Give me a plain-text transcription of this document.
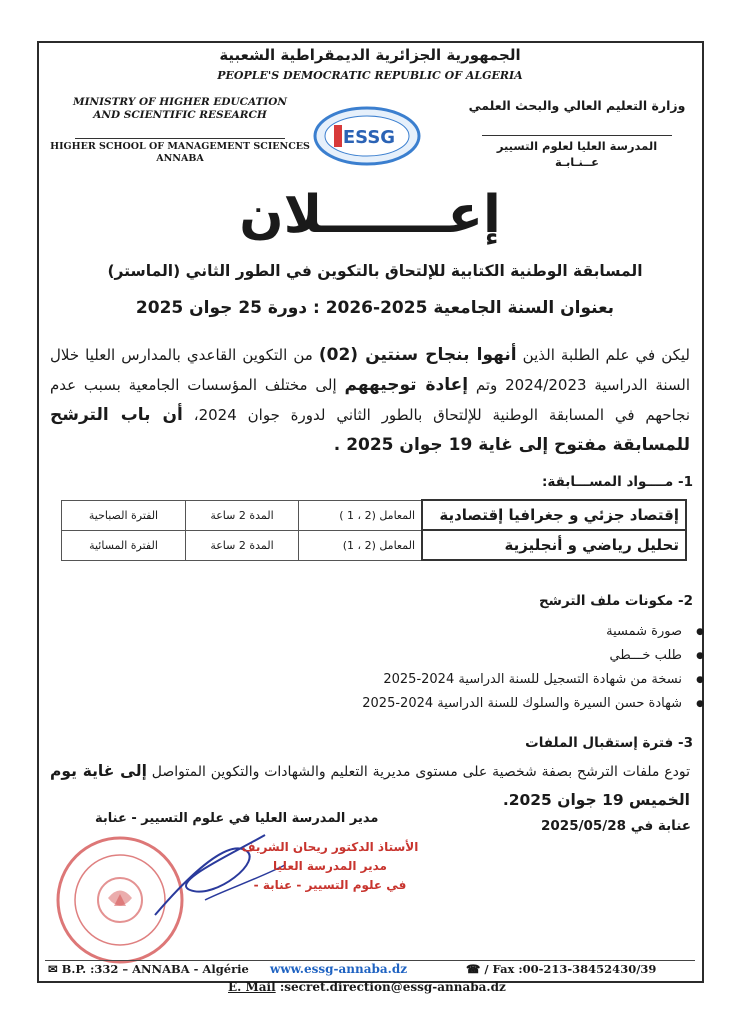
الجمهورية الجزائرية الديمقراطية الشعبية
PEOPLE'S DEMOCRATIC REPUBLIC OF ALGERIA
MINISTRY OF HIGHER EDUCATION
AND SCIENTIFIC RESEARCH
HIGHER SCHOOL OF MANAGEMENT SCIENCES
ANNABA
وزارة التعليم العالي والبحث العلمي
المدرسة العليا لعلوم التسيير
عــنـابـة
ESSG
إعـــــــلان
المسابقة الوطنية الكتابية للإلتحاق بالتكوين في الطور الثاني (الماستر)
بعنوان السنة الجامعية 2025-2026 : دورة 25 جوان 2025
ليكن في علم الطلبة الذين أنهوا بنجاح سنتين (02) من التكوين القاعدي بالمدارس العليا خلال السنة الدراسية 2024/2023 وتم إعادة توجيههم إلى مختلف المؤسسات الجامعية بسبب عدم نجاحهم في المسابقة الوطنية للإلتحاق بالطور الثاني لدورة جوان 2024، أن باب الترشح للمسابقة مفتوح إلى غاية 19 جوان 2025 .
1- مــــواد المســـابقة:
إقتصاد جزئي و جغرافيا إقتصادية	المعامل (2 ، 1 )	المدة 2 ساعة	الفترة الصباحية
تحليل رياضي و أنجليزية	المعامل (2 ، 1)	المدة 2 ساعة	الفترة المسائية
2- مكونات ملف الترشح
● صورة شمسية
● طلب خـــطي
● نسخة من شهادة التسجيل للسنة الدراسية 2024-2025
● شهادة حسن السيرة والسلوك للسنة الدراسية 2024-2025
3- فترة إستقبال الملفات
تودع ملفات الترشح بصفة شخصية على مستوى مديرية التعليم والشهادات والتكوين المتواصل إلى غاية يوم الخميس 19 جوان 2025.
عنابة في 2025/05/28
مدير المدرسة العليا في علوم التسيير - عنابة
الأستاذ الدكتور ريحان الشريف
مدير المدرسة العليا
في علوم التسيير - عنابة -
✉ B.P. :332 – ANNABA - Algérie www.essg-annaba.dz	☎ / Fax :00-213-38452430/39
E. Mail :secret.direction@essg-annaba.dz
